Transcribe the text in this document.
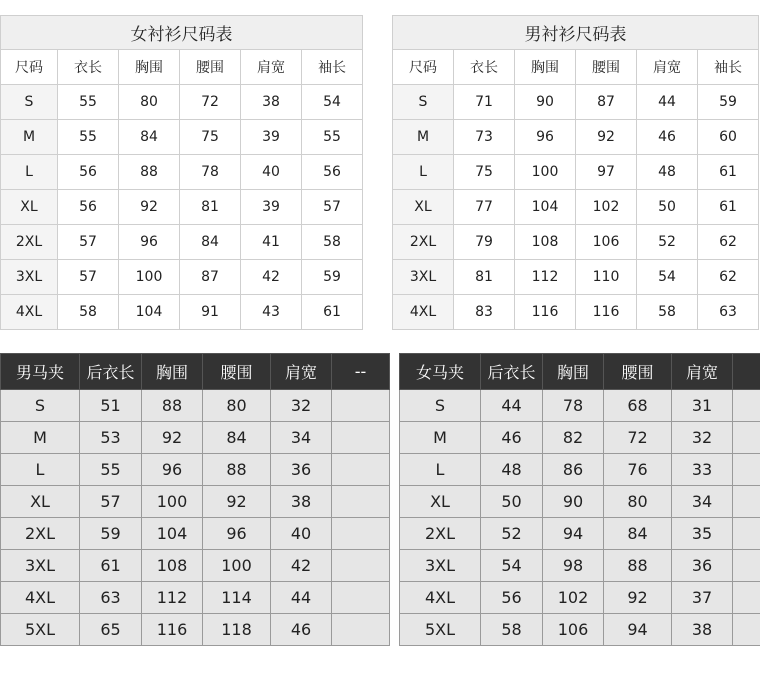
女衬衫尺码表					
尺码	衣长	胸围	腰围	肩宽	袖长
S	55	80	72	38	54
M	55	84	75	39	55
L	56	88	78	40	56
XL	56	92	81	39	57
2XL	57	96	84	41	58
3XL	57	100	87	42	59
4XL	58	104	91	43	61
男衬衫尺码表					
尺码	衣长	胸围	腰围	肩宽	袖长
S	71	90	87	44	59
M	73	96	92	46	60
L	75	100	97	48	61
XL	77	104	102	50	61
2XL	79	108	106	52	62
3XL	81	112	110	54	62
4XL	83	116	116	58	63
男马夹	后衣长	胸围	腰围	肩宽	--
S	51	88	80	32	
M	53	92	84	34	
L	55	96	88	36	
XL	57	100	92	38	
2XL	59	104	96	40	
3XL	61	108	100	42	
4XL	63	112	114	44	
5XL	65	116	118	46	
女马夹	后衣长	胸围	腰围	肩宽	
S	44	78	68	31	
M	46	82	72	32	
L	48	86	76	33	
XL	50	90	80	34	
2XL	52	94	84	35	
3XL	54	98	88	36	
4XL	56	102	92	37	
5XL	58	106	94	38	
